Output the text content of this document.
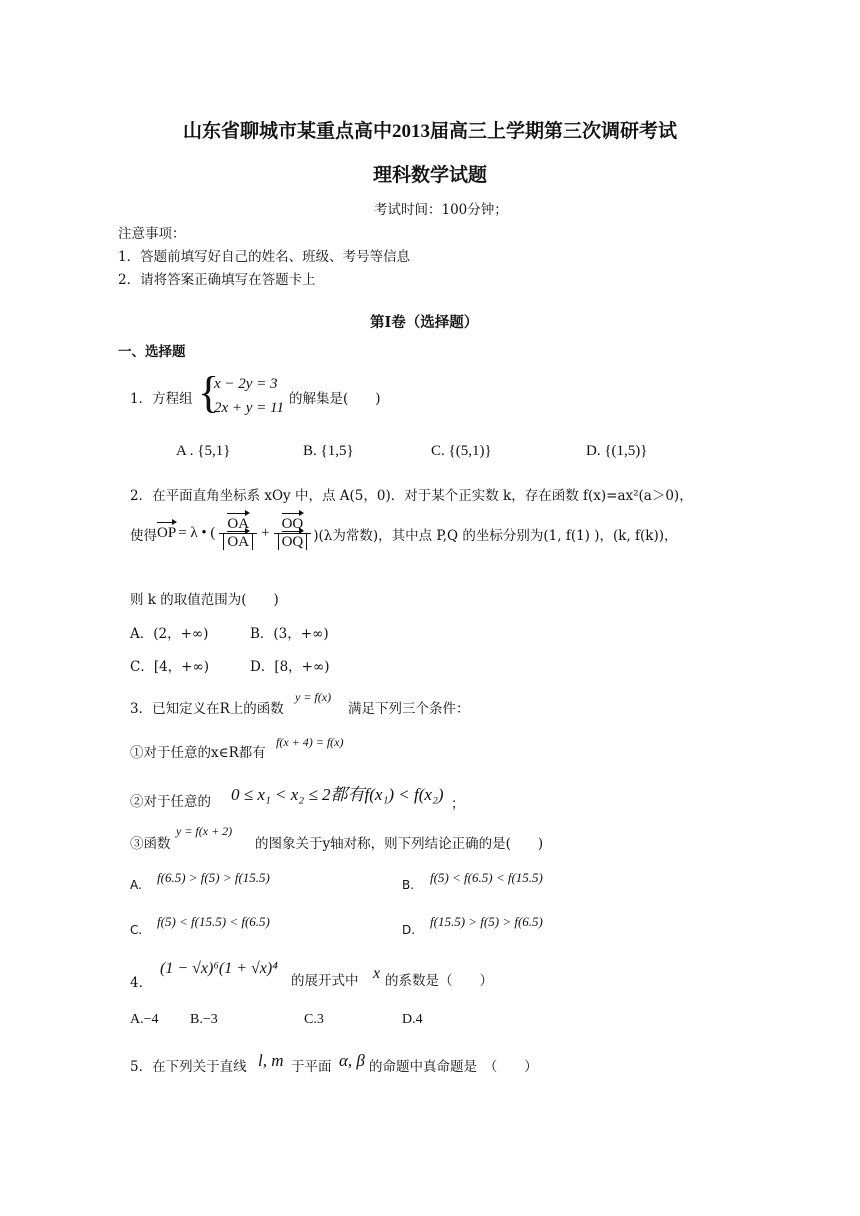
山东省聊城市某重点高中2013届高三上学期第三次调研考试
理科数学试题
考试时间：100分钟；
注意事项：
1．答题前填写好自己的姓名、班级、考号等信息
2．请将答案正确填写在答题卡上
第I卷（选择题）
一、选择题
1．方程组 {
x − 2y = 3
2x + y = 11
的解集是(　　)
A . {5,1}	B. {1,5}	C. {(5,1)}	D. {(1,5)}
2．在平面直角坐标系 xOy 中，点 A(5，0)．对于某个正实数 k，存在函数 f(x)=ax²(a＞0)，
使得 OP = λ • ( $\frac{OA}{OA} + \frac{OQ}{OQ} )(\lambda$为常数)，其中点 P,Q 的坐标分别为(1, f(1) )，(k, f(k))，
则 k 的取值范围为(　　)
A．(2，+∞)	B．(3，+∞)
C．[4，+∞)	D．[8，+∞)
3．已知定义在R上的函数
y = f(x)
满足下列三个条件：
①对于任意的x∈R都有
f(x + 4) = f(x)
②对于任意的 0 ≤ x₁ < x₂ ≤ 2都有f(x₁) < f(x₂) ；
③函数
y = f(x + 2)
的图象关于y轴对称，则下列结论正确的是(　　)
A. f(6.5) > f(5) > f(15.5)	B. f(5) < f(6.5) < f(15.5)
C.
f(5) < f(15.5) < f(6.5)
D.
f(15.5) > f(5) > f(6.5)
4．
(1 − √x)⁶(1 + √x)⁴
的展开式中 x 的系数是（　　）
A.−4 B.−3	C.3	D.4
5．在下列关于直线 l, m 于平面 α, β 的命题中真命题是　（　　）
